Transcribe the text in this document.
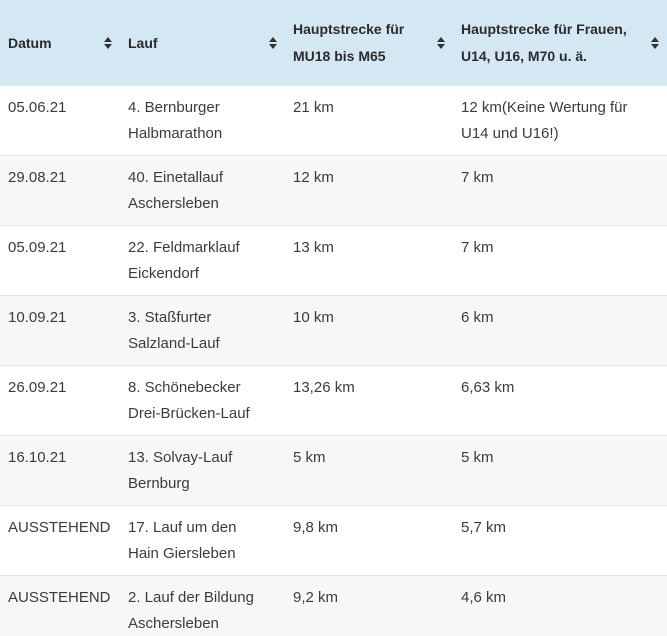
Datum	Lauf	Hauptstrecke für MU18 bis M65	Hauptstrecke für Frauen, U14, U16, M70 u. ä.

05.06.21	4. Bernburger Halbmarathon	21 km	12 km(Keine Wertung für U14 und U16!)
29.08.21	40. Einetallauf Aschersleben	12 km	7 km
05.09.21	22. Feldmarklauf Eickendorf	13 km	7 km
10.09.21	3. Staßfurter Salzland-Lauf	10 km	6 km
26.09.21	8. Schönebecker Drei-Brücken-Lauf	13,26 km	6,63 km
16.10.21	13. Solvay-Lauf Bernburg	5 km	5 km
AUSSTEHEND	17. Lauf um den Hain Giersleben	9,8 km	5,7 km
AUSSTEHEND	2. Lauf der Bildung Aschersleben	9,2 km	4,6 km
